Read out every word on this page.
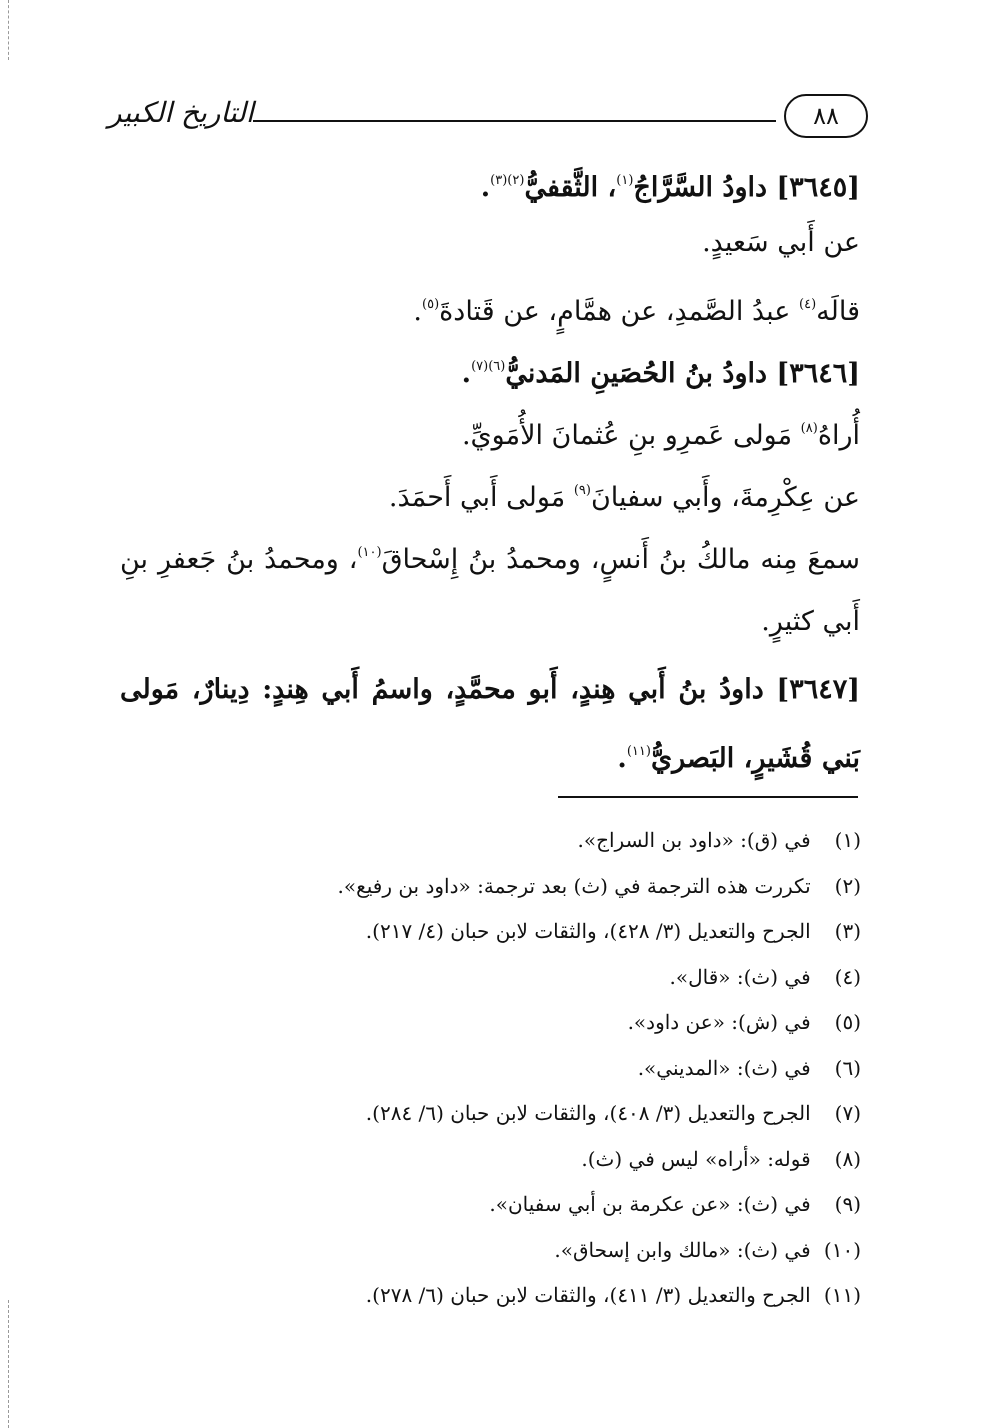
التاريخ الكبير	٨٨

[٣٦٤٥] داودُ السَّرَّاجُ$^{(١)}$، الثَّقفيُّ$^{(٢)(٣)}$.

عن أَبي سَعيدٍ.

قالَه$^{(٤)}$ عبدُ الصَّمدِ، عن همَّامٍ، عن قَتادةَ$^{(٥)}$.

[٣٦٤٦] داودُ بنُ الحُصَينِ المَدنيُّ$^{(٦)(٧)}$.

أُراهُ$^{(٨)}$ مَولى عَمرِو بنِ عُثمانَ الأُمَويِّ.

عن عِكْرِمةَ، وأَبي سفيانَ$^{(٩)}$ مَولى أَبي أَحمَدَ.

سمعَ مِنه مالكُ بنُ أَنسٍ، ومحمدُ بنُ إِسْحاقَ$^{(١٠)}$، ومحمدُ بنُ جَعفرِ بنِ أَبي كثيرٍ.

[٣٦٤٧] داودُ بنُ أَبي هِندٍ، أَبو محمَّدٍ، واسمُ أَبي هِندٍ: دِينارٌ، مَولى بَني قُشَيرٍ، البَصريُّ$^{(١١)}$.

(١) في (ق): «داود بن السراج».
(٢) تكررت هذه الترجمة في (ث) بعد ترجمة: «داود بن رفيع».
(٣) الجرح والتعديل (٣/ ٤٢٨)، والثقات لابن حبان (٤/ ٢١٧).
(٤) في (ث): «قال».
(٥) في (ش): «عن داود».
(٦) في (ث): «المديني».
(٧) الجرح والتعديل (٣/ ٤٠٨)، والثقات لابن حبان (٦/ ٢٨٤).
(٨) قوله: «أراه» ليس في (ث).
(٩) في (ث): «عن عكرمة بن أبي سفيان».
(١٠) في (ث): «مالك وابن إسحاق».
(١١) الجرح والتعديل (٣/ ٤١١)، والثقات لابن حبان (٦/ ٢٧٨).
